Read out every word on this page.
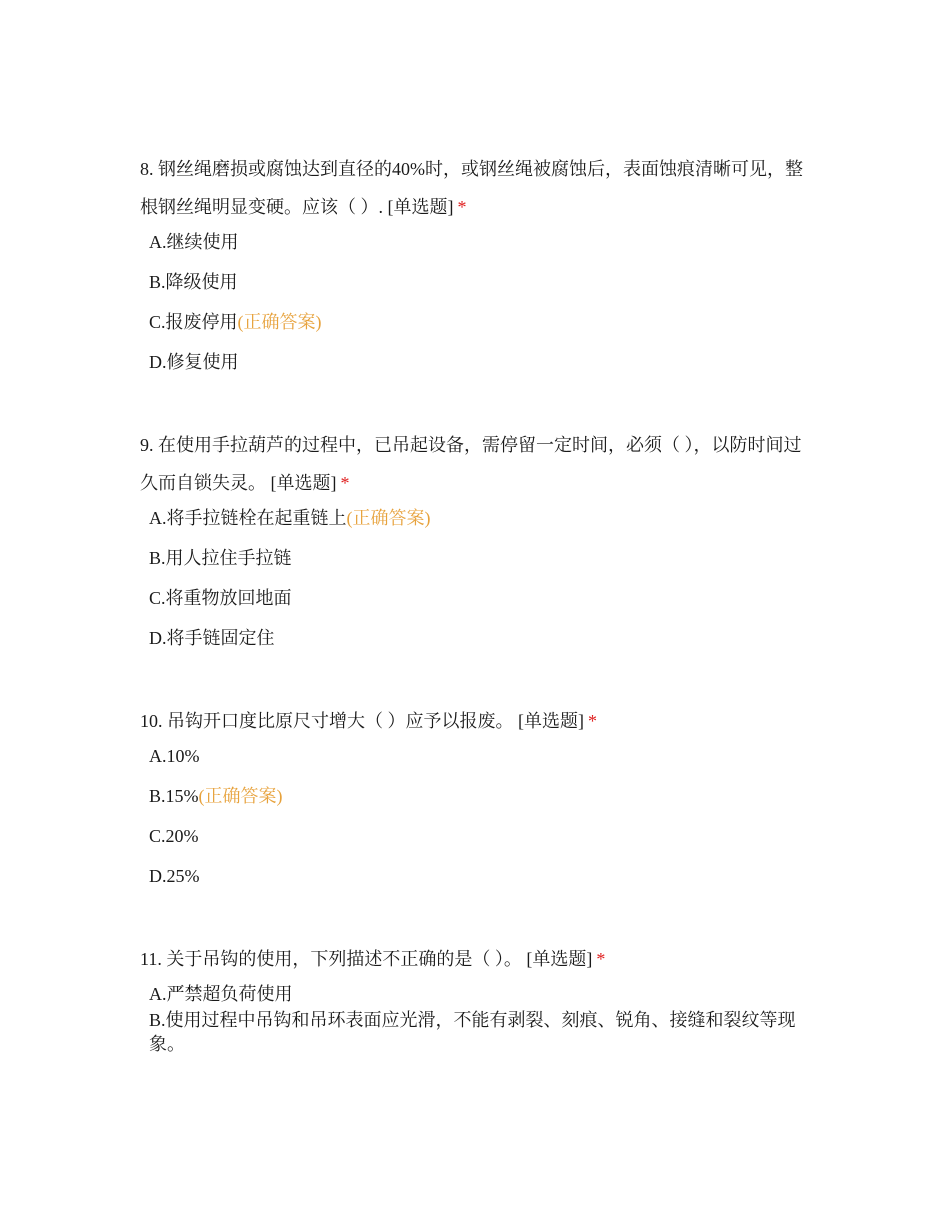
8. 钢丝绳磨损或腐蚀达到直径的40%时，或钢丝绳被腐蚀后，表面蚀痕清晰可见，整根钢丝绳明显变硬。应该（ ）. [单选题] *

A.继续使用
B.降级使用
C.报废停用(正确答案)
D.修复使用

9. 在使用手拉葫芦的过程中，已吊起设备，需停留一定时间，必须（ ），以防时间过久而自锁失灵。 [单选题] *

A.将手拉链栓在起重链上(正确答案)
B.用人拉住手拉链
C.将重物放回地面
D.将手链固定住

10. 吊钩开口度比原尺寸增大（ ）应予以报废。 [单选题] *

A.10%
B.15%(正确答案)
C.20%
D.25%

11. 关于吊钩的使用，下列描述不正确的是（ ）。 [单选题] *

A.严禁超负荷使用
B.使用过程中吊钩和吊环表面应光滑，不能有剥裂、刻痕、锐角、接缝和裂纹等现象。
